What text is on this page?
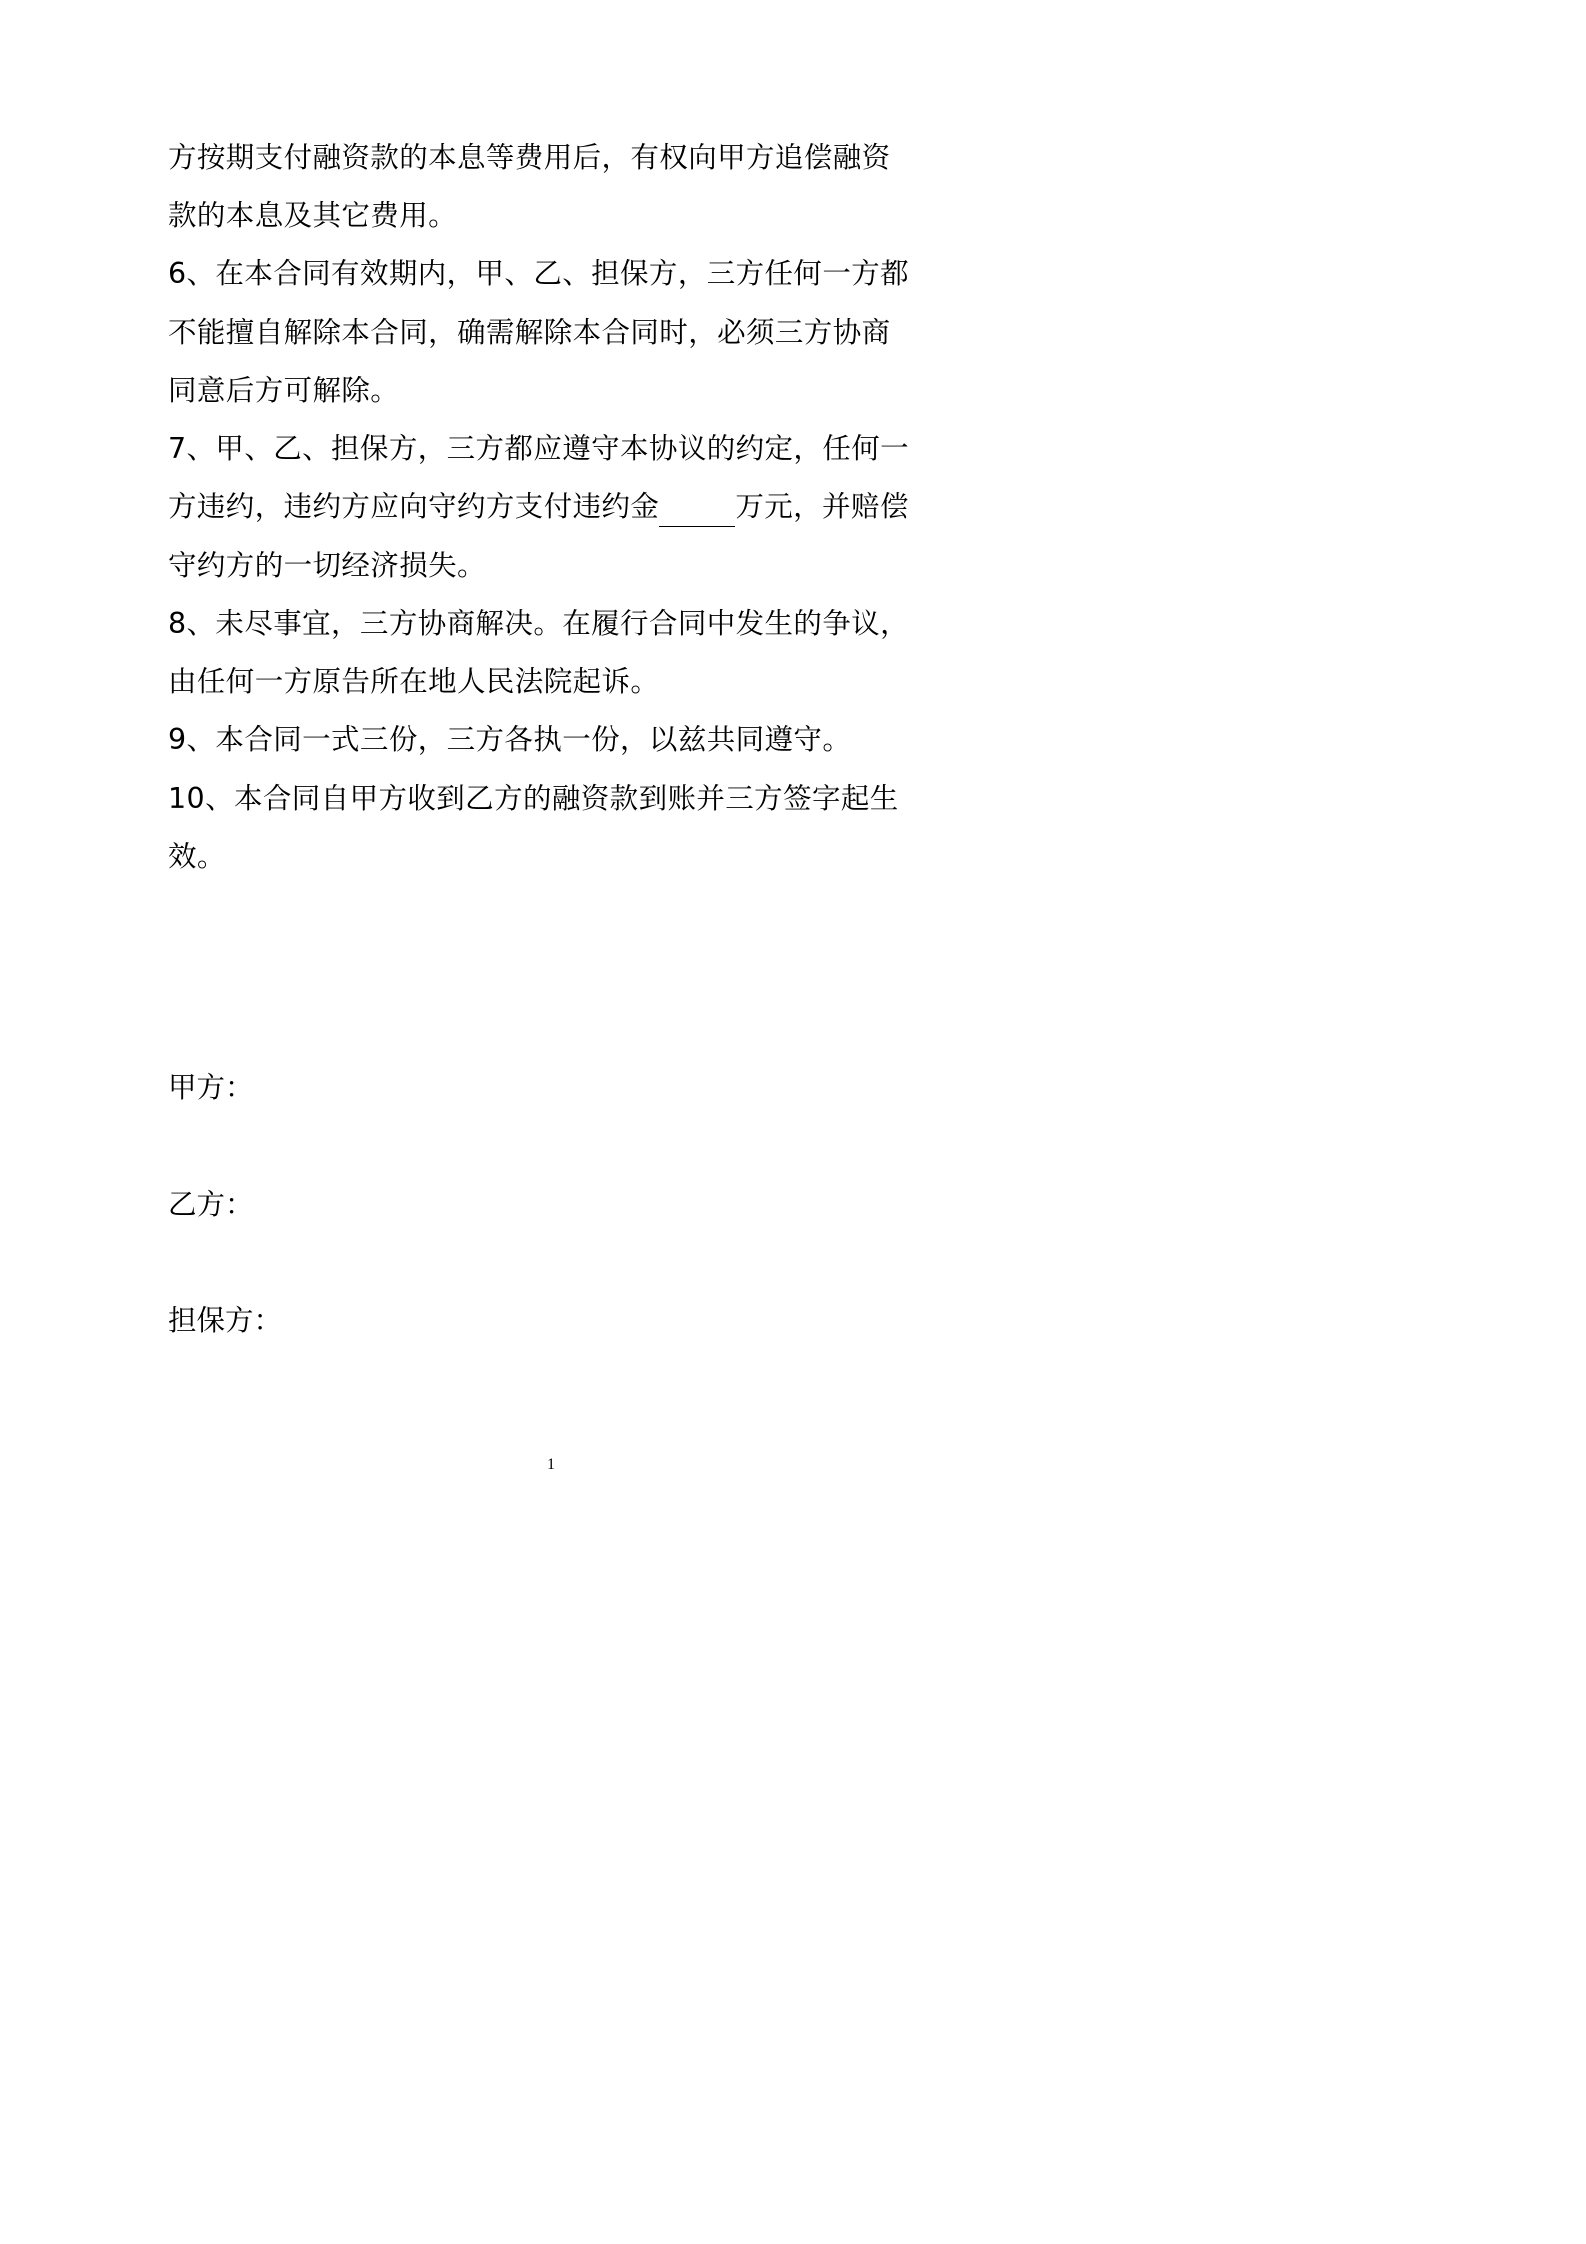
方按期支付融资款的本息等费用后，有权向甲方追偿融资
款的本息及其它费用。
6、在本合同有效期内，甲、乙、担保方，三方任何一方都
不能擅自解除本合同，确需解除本合同时，必须三方协商
同意后方可解除。
7、甲、乙、担保方，三方都应遵守本协议的约定，任何一
方违约，违约方应向守约方支付违约金	万元，并赔偿
守约方的一切经济损失。
8、未尽事宜，三方协商解决。在履行合同中发生的争议，
由任何一方原告所在地人民法院起诉。
9、本合同一式三份，三方各执一份，以兹共同遵守。
10、本合同自甲方收到乙方的融资款到账并三方签字起生
效。
甲方：
乙方：
担保方：
1
